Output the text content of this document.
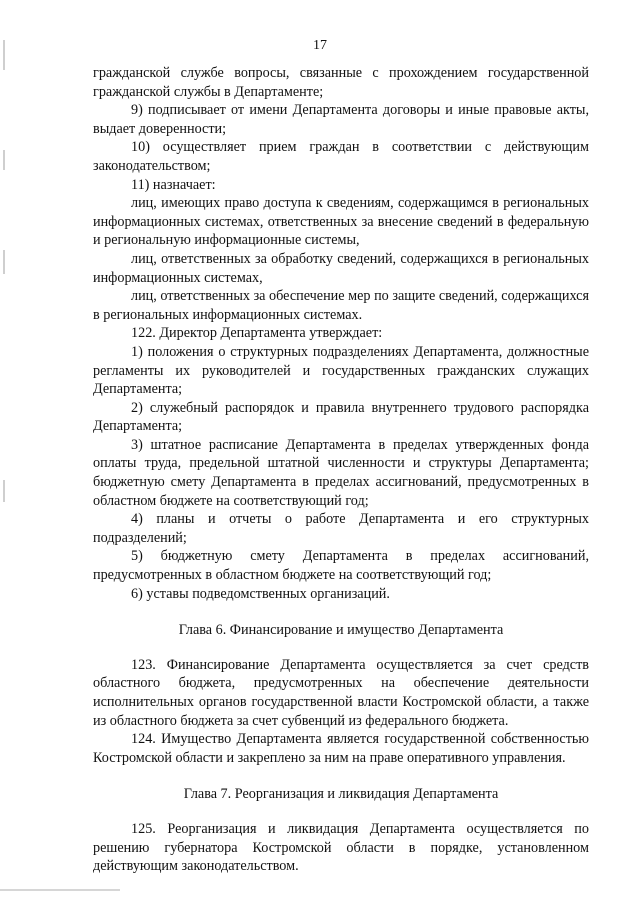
17

гражданской службе вопросы, связанные с прохождением государственной гражданской службы в Департаменте;

9) подписывает от имени Департамента договоры и иные правовые акты, выдает доверенности;

10) осуществляет прием граждан в соответствии с действующим законодательством;

11) назначает:

лиц, имеющих право доступа к сведениям, содержащимся в региональных информационных системах, ответственных за внесение сведений в федеральную и региональную информационные системы,

лиц, ответственных за обработку сведений, содержащихся в региональных информационных системах,

лиц, ответственных за обеспечение мер по защите сведений, содержащихся в региональных информационных системах.

122. Директор Департамента утверждает:

1) положения о структурных подразделениях Департамента, должностные регламенты их руководителей и государственных гражданских служащих Департамента;

2) служебный распорядок и правила внутреннего трудового распорядка Департамента;

3) штатное расписание Департамента в пределах утвержденных фонда оплаты труда, предельной штатной численности и структуры Департамента; бюджетную смету Департамента в пределах ассигнований, предусмотренных в областном бюджете на соответствующий год;

4) планы и отчеты о работе Департамента и его структурных подразделений;

5) бюджетную смету Департамента в пределах ассигнований, предусмотренных в областном бюджете на соответствующий год;

6) уставы подведомственных организаций.

Глава 6. Финансирование и имущество Департамента

123. Финансирование Департамента осуществляется за счет средств областного бюджета, предусмотренных на обеспечение деятельности исполнительных органов государственной власти Костромской области, а также из областного бюджета за счет субвенций из федерального бюджета.

124. Имущество Департамента является государственной собственностью Костромской области и закреплено за ним на праве оперативного управления.

Глава 7. Реорганизация и ликвидация Департамента

125. Реорганизация и ликвидация Департамента осуществляется по решению губернатора Костромской области в порядке, установленном действующим законодательством.
